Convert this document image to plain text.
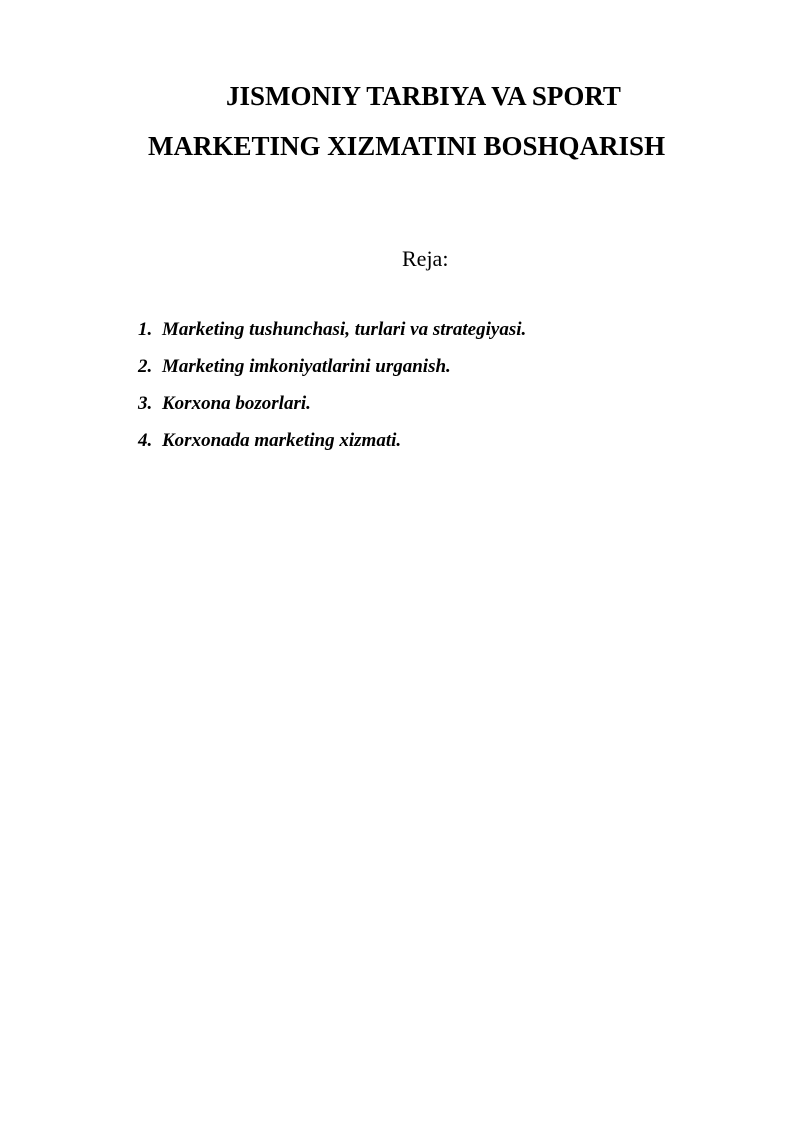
JISMONIY TARBIYA VA SPORT
MARKETING XIZMATINI BOSHQARISH
Reja:
1. Marketing tushunchasi, turlari va strategiyasi.
2. Marketing imkoniyatlarini urganish.
3. Korxona bozorlari.
4. Korxonada marketing xizmati.
